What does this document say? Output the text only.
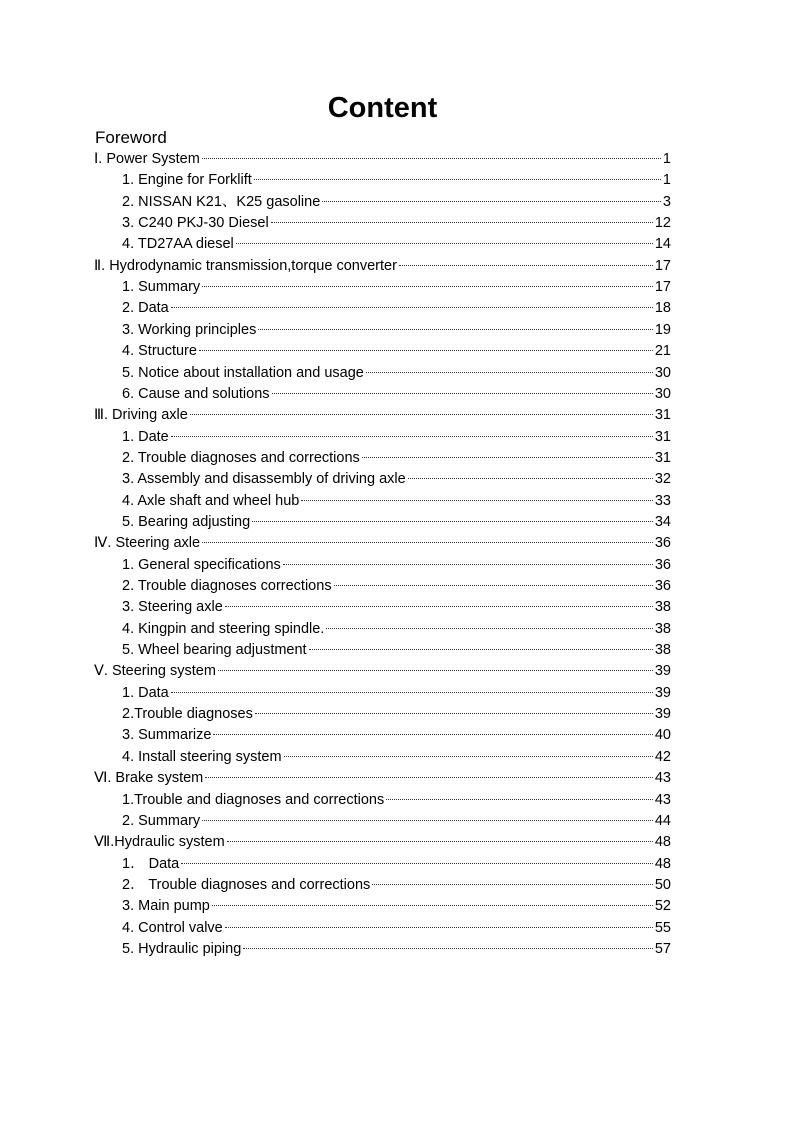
Content
Foreword
Ⅰ. Power System	1
1. Engine for Forklift	1
2. NISSAN K21、K25 gasoline	3
3. C240 PKJ-30 Diesel	12
4. TD27AA diesel	14
Ⅱ. Hydrodynamic transmission,torque converter	17
1. Summary	17
2. Data	18
3. Working principles	19
4. Structure	21
5. Notice about installation and usage	30
6. Cause and solutions	30
Ⅲ. Driving axle	31
1. Date	31
2. Trouble diagnoses and corrections	31
3. Assembly and disassembly of driving axle	32
4. Axle shaft and wheel hub	33
5. Bearing adjusting	34
Ⅳ. Steering axle	36
1. General specifications	36
2. Trouble diagnoses corrections	36
3. Steering axle	38
4. Kingpin and steering spindle.	38
5. Wheel bearing adjustment	38
Ⅴ. Steering system	39
1. Data	39
2.Trouble diagnoses	39
3. Summarize	40
4. Install steering system	42
Ⅵ. Brake system	43
1.Trouble and diagnoses and corrections	43
2. Summary	44
Ⅶ.Hydraulic system	48
1． Data	48
2． Trouble diagnoses and corrections	50
3. Main pump	52
4. Control valve	55
5. Hydraulic piping	57
